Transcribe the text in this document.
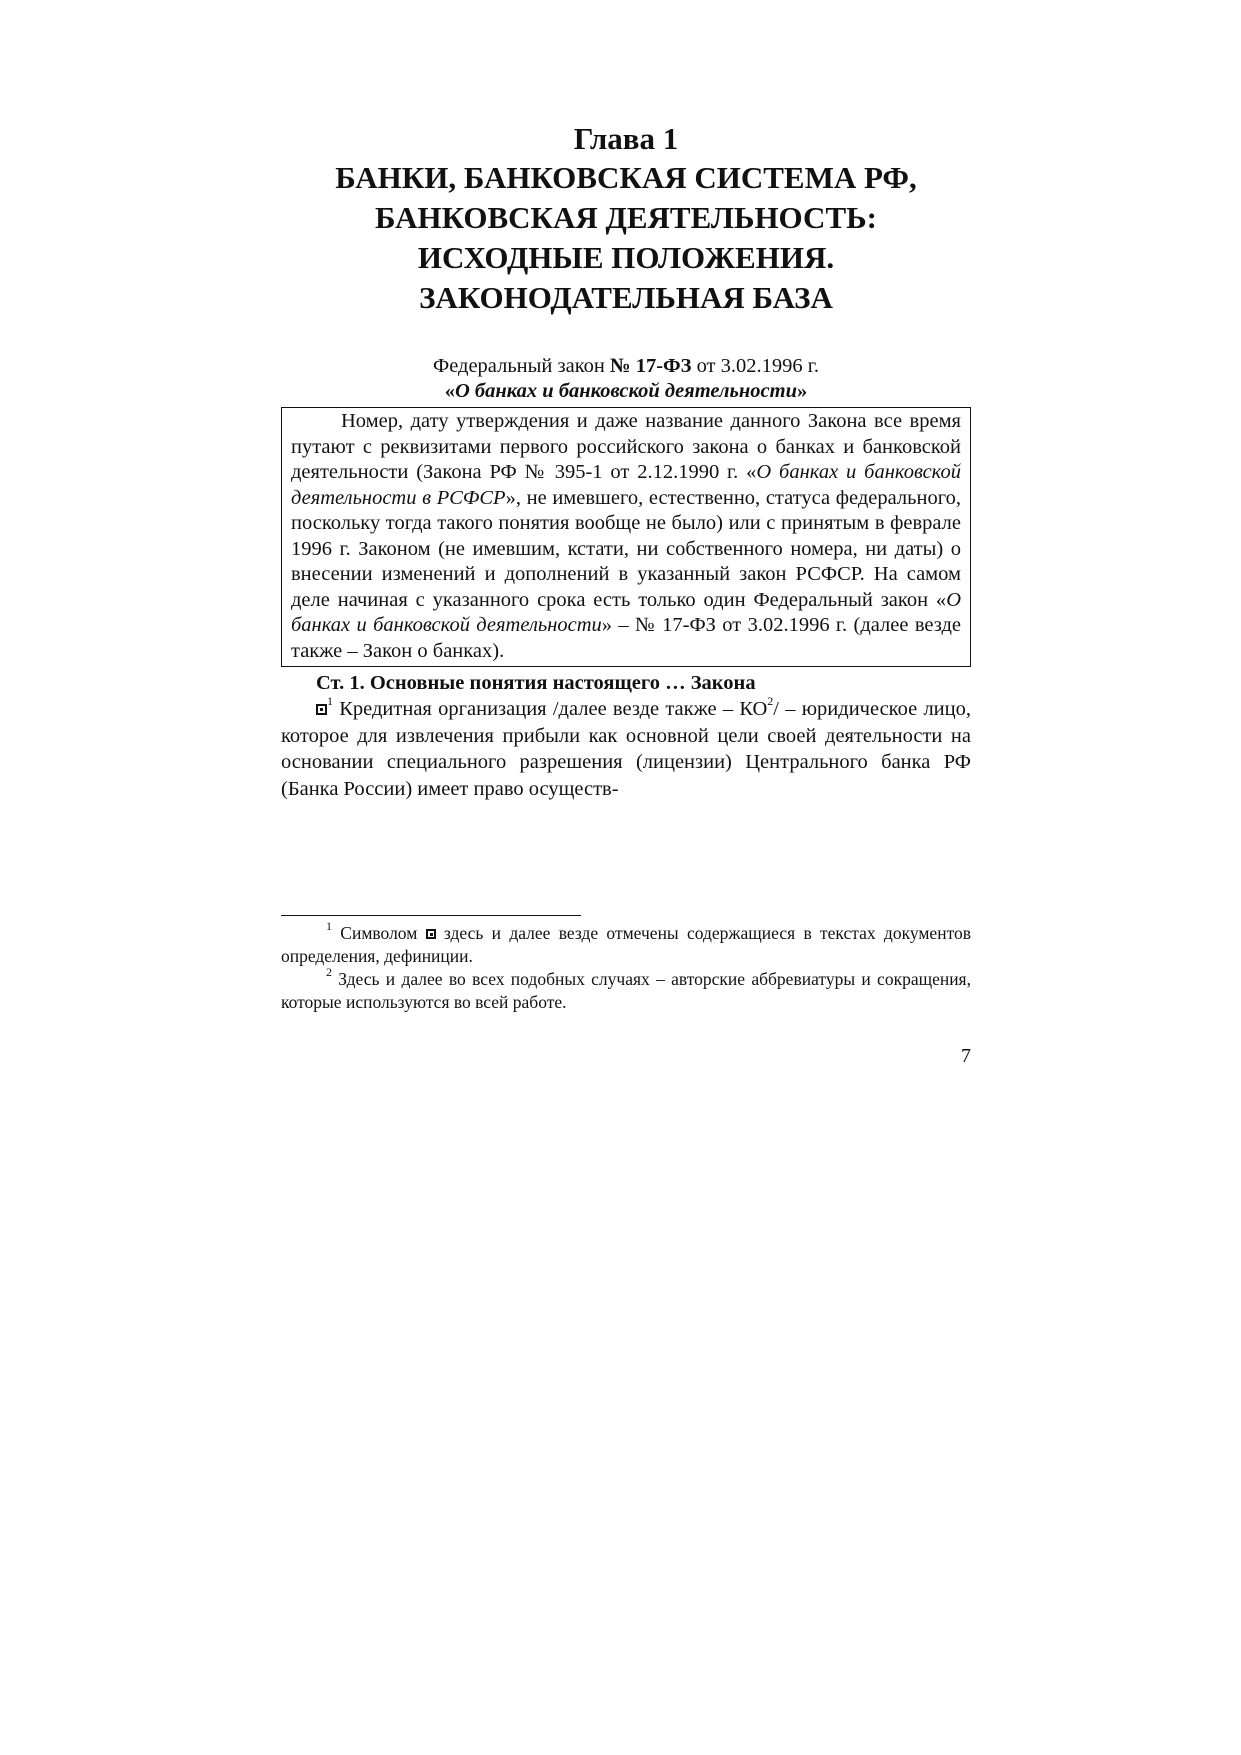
Глава 1
БАНКИ, БАНКОВСКАЯ СИСТЕМА РФ,
БАНКОВСКАЯ ДЕЯТЕЛЬНОСТЬ:
ИСХОДНЫЕ ПОЛОЖЕНИЯ.
ЗАКОНОДАТЕЛЬНАЯ БАЗА

Федеральный закон № 17-ФЗ от 3.02.1996 г.

«О банках и банковской деятельности»

Номер, дату утверждения и даже название данного Закона все время путают с реквизитами первого российского закона о банках и банковской деятельности (Закона РФ № 395-1 от 2.12.1990 г. «О банках и банковской деятельности в РСФСР», не имевшего, естественно, статуса федерального, поскольку тогда такого понятия вообще не было) или с принятым в феврале 1996 г. Законом (не имевшим, кстати, ни собственного номера, ни даты) о внесении изменений и дополнений в указанный закон РСФСР. На самом деле начиная с указанного срока есть только один Федеральный закон «О банках и банковской деятельности» – № 17-ФЗ от 3.02.1996 г. (далее везде также – Закон о банках).

Ст. 1. Основные понятия настоящего … Закона

$^1$ Кредитная организация /далее везде также – $КО^2/$ – юридическое лицо, которое для извлечения прибыли как основной цели своей деятельности на основании специального разрешения (лицензии) Центрального банка РФ (Банка России) имеет право осуществ-

$^1$ Символом  здесь и далее везде отмечены содержащиеся в текстах документов определения, дефиниции.

$^2$ Здесь и далее во всех подобных случаях – авторские аббревиатуры и сокращения, которые используются во всей работе.

7
